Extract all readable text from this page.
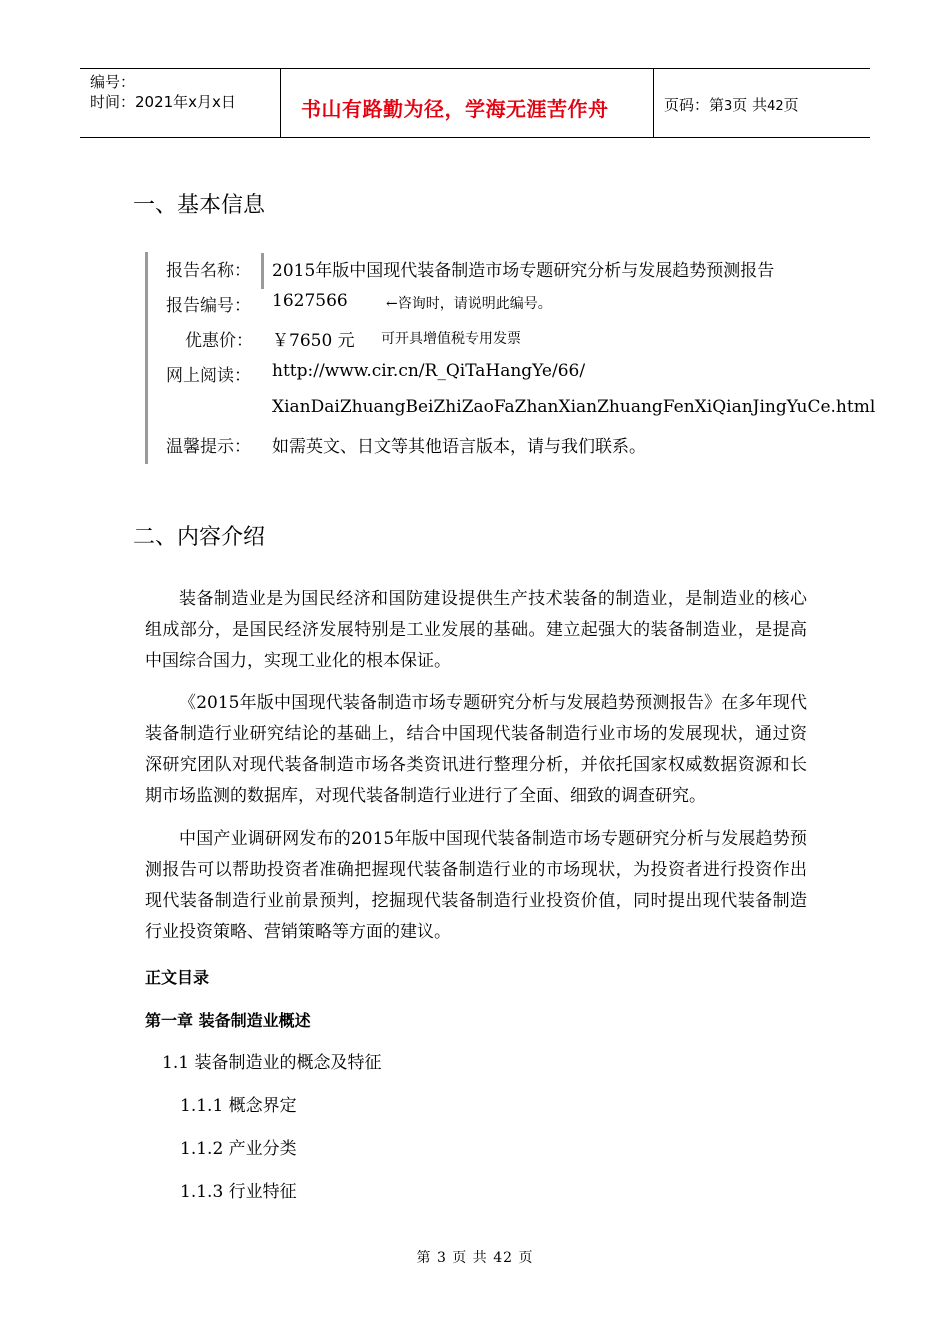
编号：
时间：2021年x月x日	书山有路勤为径，学海无涯苦作舟	页码：第3页 共42页
一、基本信息
报告名称： 2015年版中国现代装备制造市场专题研究分析与发展趋势预测报告
报告编号： 1627566	←咨询时，请说明此编号。
优惠价： ￥7650 元 可开具增值税专用发票
网上阅读： http://www.cir.cn/R_QiTaHangYe/66/
XianDaiZhuangBeiZhiZaoFaZhanXianZhuangFenXiQianJingYuCe.html
温馨提示： 如需英文、日文等其他语言版本，请与我们联系。
二、内容介绍

装备制造业是为国民经济和国防建设提供生产技术装备的制造业，是制造业的核心组成部分，是国民经济发展特别是工业发展的基础。建立起强大的装备制造业，是提高中国综合国力，实现工业化的根本保证。

《2015年版中国现代装备制造市场专题研究分析与发展趋势预测报告》在多年现代装备制造行业研究结论的基础上，结合中国现代装备制造行业市场的发展现状，通过资深研究团队对现代装备制造市场各类资讯进行整理分析，并依托国家权威数据资源和长期市场监测的数据库，对现代装备制造行业进行了全面、细致的调查研究。

中国产业调研网发布的2015年版中国现代装备制造市场专题研究分析与发展趋势预测报告可以帮助投资者准确把握现代装备制造行业的市场现状，为投资者进行投资作出现代装备制造行业前景预判，挖掘现代装备制造行业投资价值，同时提出现代装备制造行业投资策略、营销策略等方面的建议。

正文目录
第一章 装备制造业概述
1.1 装备制造业的概念及特征
1.1.1 概念界定
1.1.2 产业分类
1.1.3 行业特征
第 3 页 共 42 页
